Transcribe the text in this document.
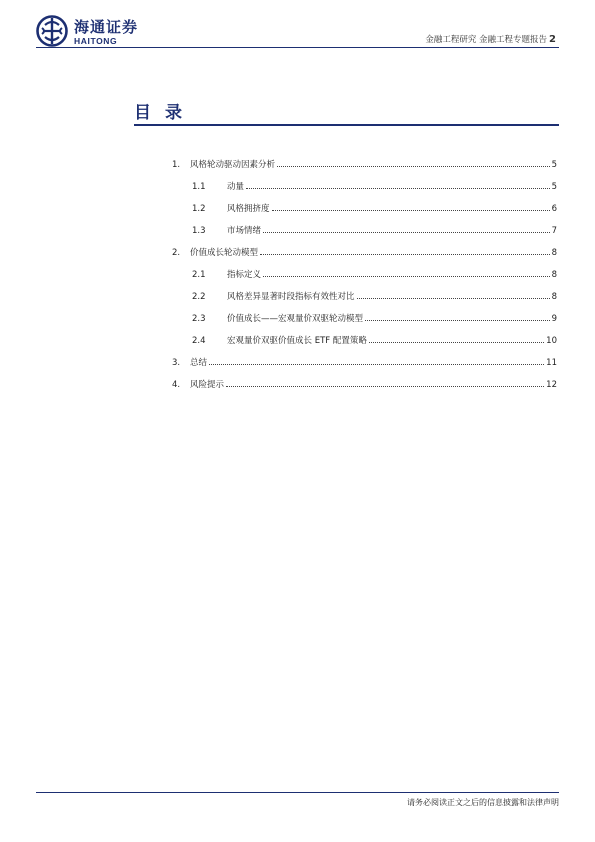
海通证券
HAITONG	金融工程研究 金融工程专题报告 2
目录
1.	风格轮动驱动因素分析	5
1.1	动量	5
1.2	风格拥挤度	6
1.3	市场情绪	7
2.	价值成长轮动模型	8
2.1	指标定义	8
2.2	风格差异显著时段指标有效性对比	8
2.3	价值成长——宏观量价双驱轮动模型	9
2.4	宏观量价双驱价值成长 ETF 配置策略	10
3.	总结	11
4.	风险提示	12
请务必阅读正文之后的信息披露和法律声明
